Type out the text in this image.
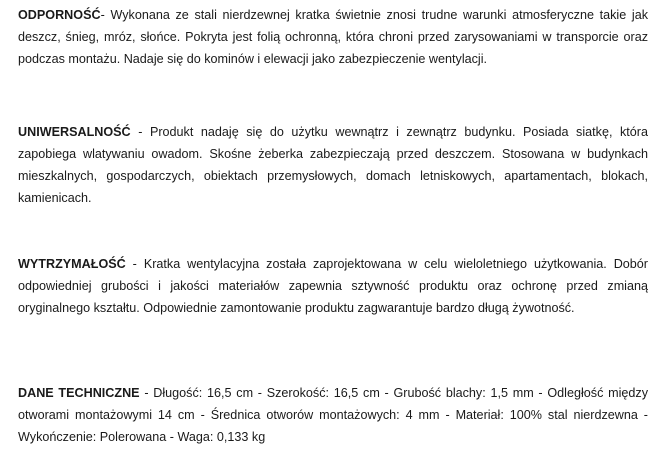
ODPORNOŚĆ- Wykonana ze stali nierdzewnej kratka świetnie znosi trudne warunki atmosferyczne takie jak deszcz, śnieg, mróz, słońce. Pokryta jest folią ochronną, która chroni przed zarysowaniami w transporcie oraz podczas montażu. Nadaje się do kominów i elewacji jako zabezpieczenie wentylacji.

UNIWERSALNOŚĆ - Produkt nadaję się do użytku wewnątrz i zewnątrz budynku. Posiada siatkę, która zapobiega wlatywaniu owadom. Skośne żeberka zabezpieczają przed deszczem. Stosowana w budynkach mieszkalnych, gospodarczych, obiektach przemysłowych, domach letniskowych, apartamentach, blokach, kamienicach.

WYTRZYMAŁOŚĆ - Kratka wentylacyjna została zaprojektowana w celu wieloletniego użytkowania. Dobór odpowiedniej grubości i jakości materiałów zapewnia sztywność produktu oraz ochronę przed zmianą oryginalnego kształtu. Odpowiednie zamontowanie produktu zagwarantuje bardzo długą żywotność.

DANE TECHNICZNE - Długość: 16,5 cm - Szerokość: 16,5 cm - Grubość blachy: 1,5 mm - Odległość między otworami montażowymi 14 cm - Średnica otworów montażowych: 4 mm - Materiał: 100% stal nierdzewna - Wykończenie: Polerowana - Waga: 0,133 kg
